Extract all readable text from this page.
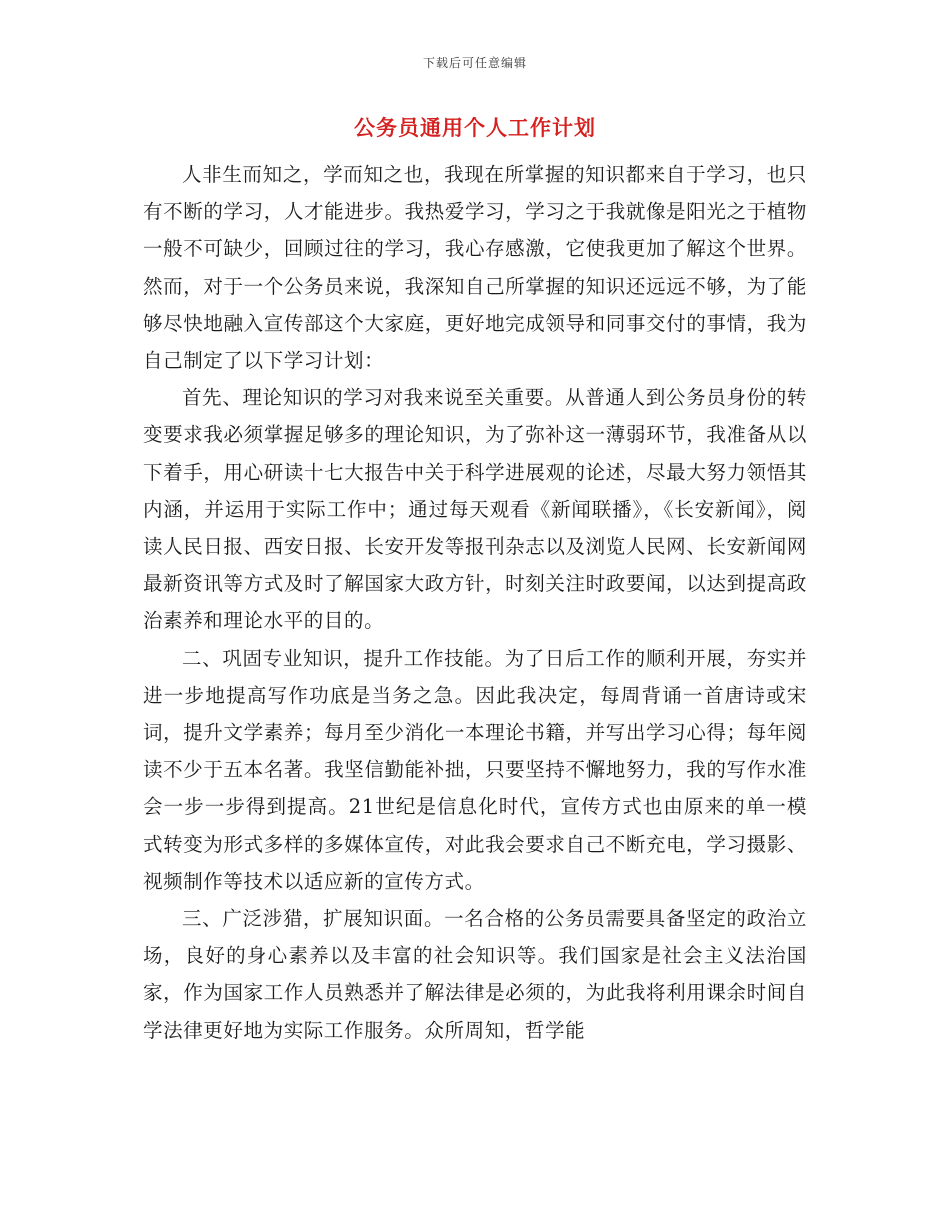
下载后可任意编辑
公务员通用个人工作计划

人非生而知之，学而知之也，我现在所掌握的知识都来自于学习，也只有不断的学习，人才能进步。我热爱学习，学习之于我就像是阳光之于植物一般不可缺少，回顾过往的学习，我心存感激，它使我更加了解这个世界。然而，对于一个公务员来说，我深知自己所掌握的知识还远远不够，为了能够尽快地融入宣传部这个大家庭，更好地完成领导和同事交付的事情，我为自己制定了以下学习计划：

首先、理论知识的学习对我来说至关重要。从普通人到公务员身份的转变要求我必须掌握足够多的理论知识，为了弥补这一薄弱环节，我准备从以下着手，用心研读十七大报告中关于科学进展观的论述，尽最大努力领悟其内涵，并运用于实际工作中；通过每天观看《新闻联播》，《长安新闻》，阅读人民日报、西安日报、长安开发等报刊杂志以及浏览人民网、长安新闻网最新资讯等方式及时了解国家大政方针，时刻关注时政要闻，以达到提高政治素养和理论水平的目的。

二、巩固专业知识，提升工作技能。为了日后工作的顺利开展，夯实并进一步地提高写作功底是当务之急。因此我决定，每周背诵一首唐诗或宋词，提升文学素养；每月至少消化一本理论书籍，并写出学习心得；每年阅读不少于五本名著。我坚信勤能补拙，只要坚持不懈地努力，我的写作水准会一步一步得到提高。21世纪是信息化时代，宣传方式也由原来的单一模式转变为形式多样的多媒体宣传，对此我会要求自己不断充电，学习摄影、视频制作等技术以适应新的宣传方式。

三、广泛涉猎，扩展知识面。一名合格的公务员需要具备坚定的政治立场，良好的身心素养以及丰富的社会知识等。我们国家是社会主义法治国家，作为国家工作人员熟悉并了解法律是必须的，为此我将利用课余时间自学法律更好地为实际工作服务。众所周知，哲学能
